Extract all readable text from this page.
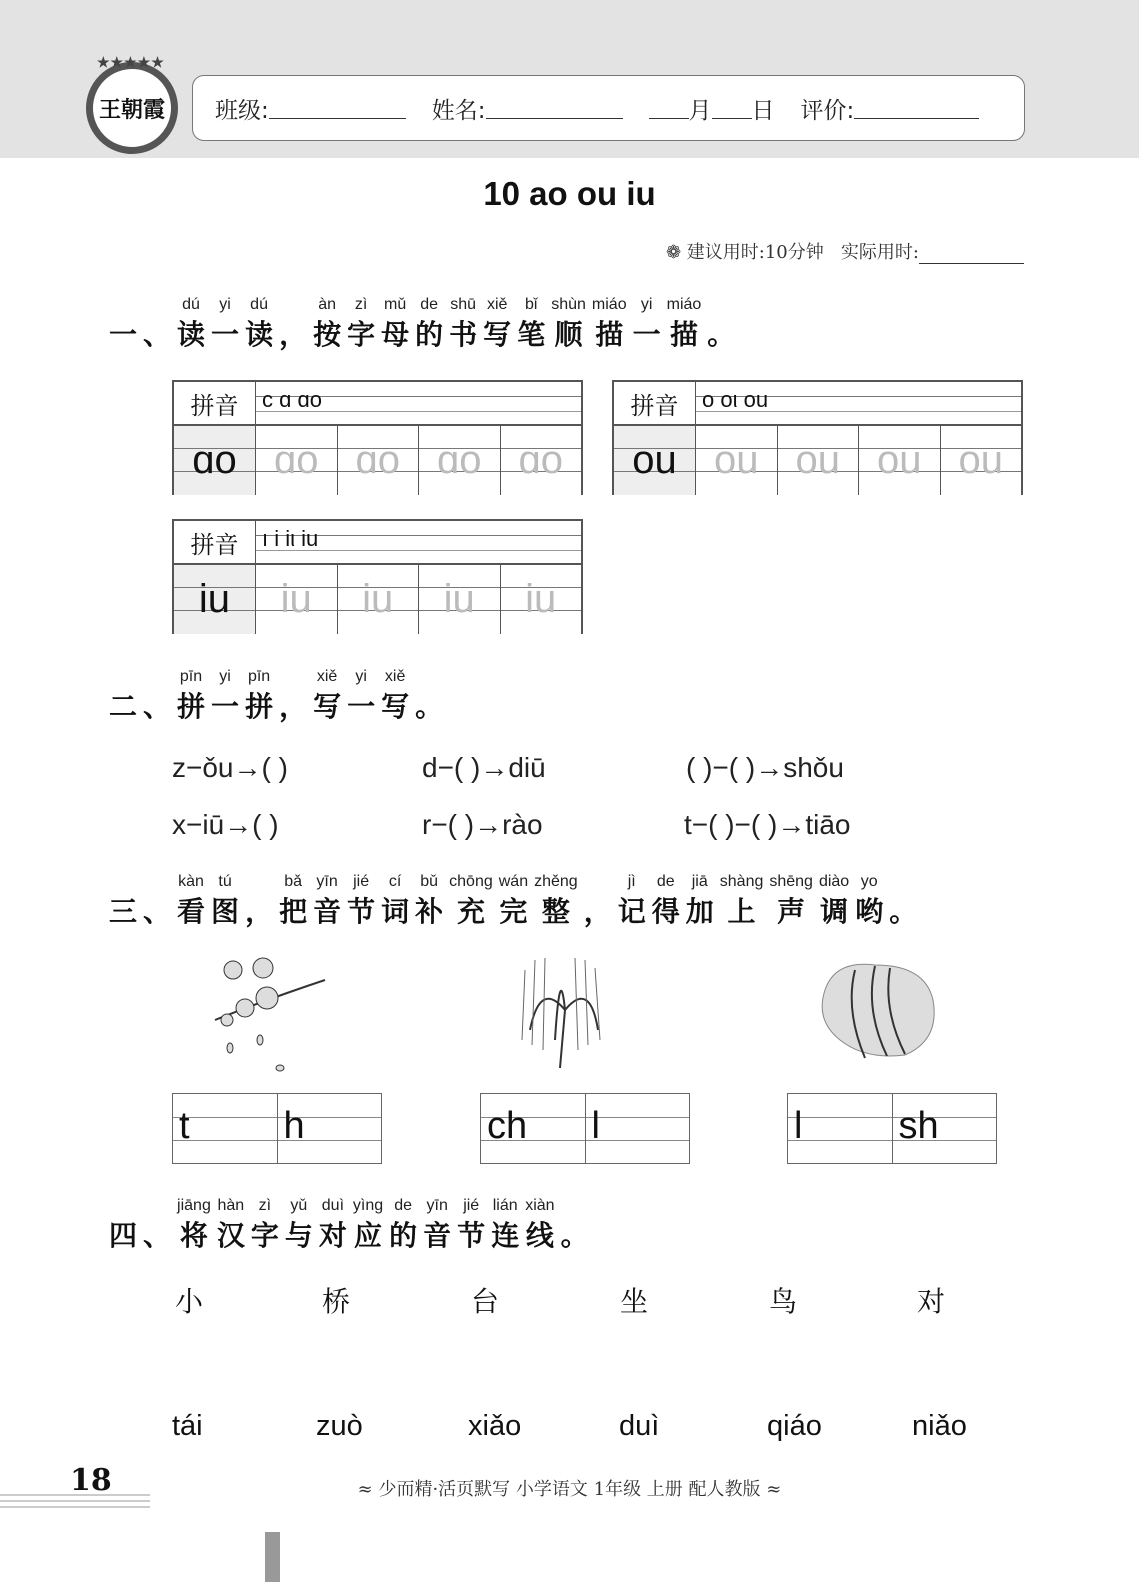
★★★★★
王朝霞 班级:	姓名:	月 日 评价:
10 ao ou iu
❁ 建议用时:10分钟 实际用时:
一 、 读dú
一yi
读dú
， 按àn
字zì
母mǔ
的de
书shū
写xiě
笔bǐ
顺shùn
描miáo
一yi
描miáo
。
拼音	c ɑ ɑo
ɑo ɑo ɑo ɑo ɑo
拼音	o oι ou
ou ou ou ou ou
拼音	ı i iι iu
iu	iu	iu	iu	iu
二 、 拼pīn
一yi
拼pīn
， 写xiě
一yi
写xiě
。
z−ǒu→( )	d−( )→diū	( )−( )→shǒu
x−iū→( )	r−( )→rào	t−( )−( )→tiāo
三 、 看kàn
图tú
， 把bǎ
音yīn
节jié
词cí
补bǔ
充chōng
完wán
整zhěng
， 记jì
得de
加jiā
上shàng
声shēng
调diào
哟yo
。
t	h	ch	l	l	sh
四 、 将jiāng
汉hàn
字zì
与yǔ
对duì
应yìng
的de
音yīn
节jié
连lián
线xiàn
。
小	桥	台	坐	鸟	对
tái	zuò	xiǎo	duì	qiáo	niǎo
18	≈ 少而精·活页默写 小学语文 1年级 上册 配人教版 ≈
